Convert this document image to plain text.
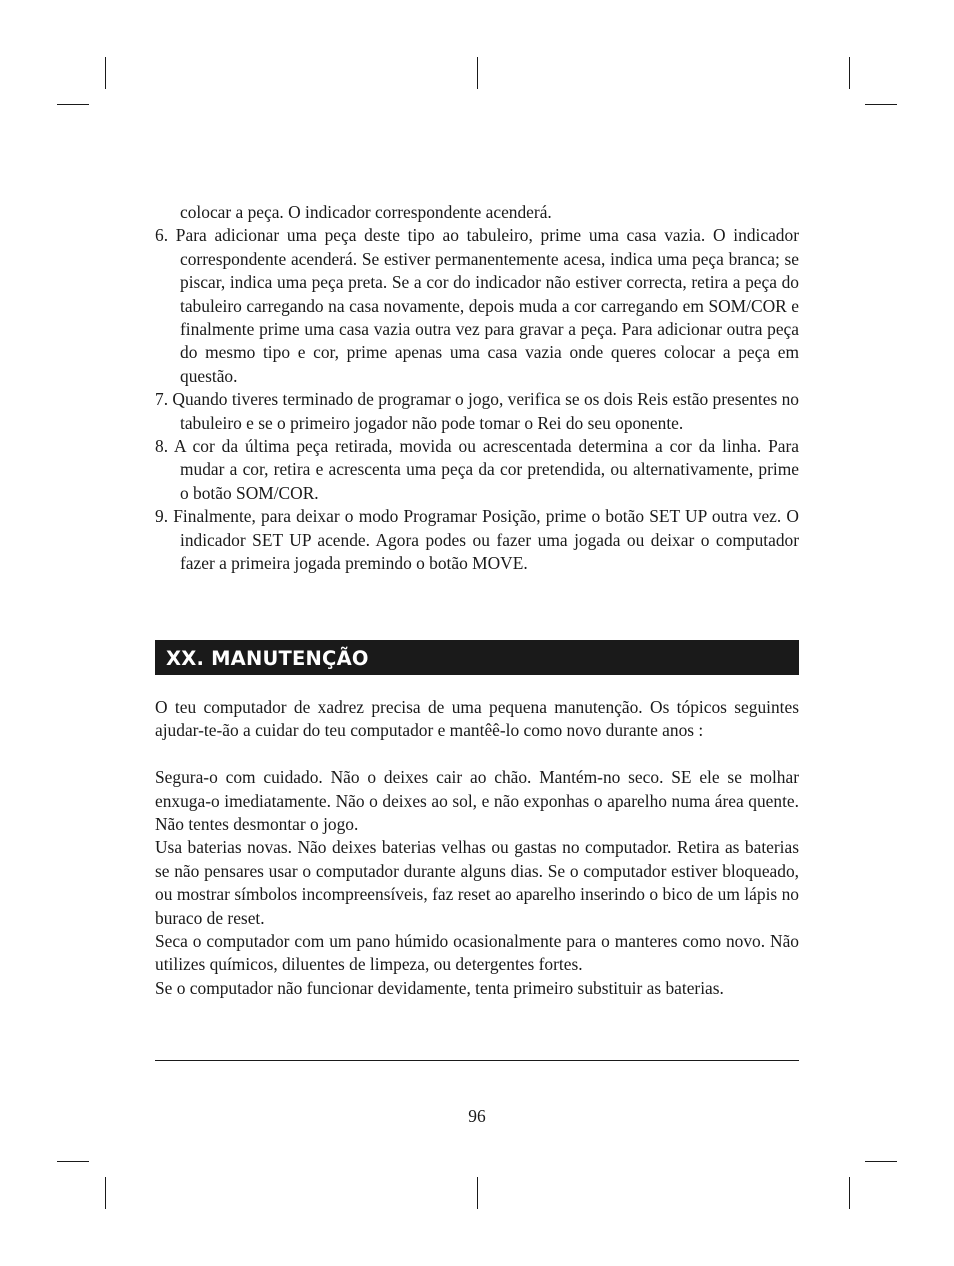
colocar a peça. O indicador correspondente acenderá.
6. Para adicionar uma peça deste tipo ao tabuleiro, prime uma casa vazia. O indicador correspondente acenderá. Se estiver permanentemente acesa, indica uma peça branca; se piscar, indica uma peça preta. Se a cor do indicador não estiver correcta, retira a peça do tabuleiro carregando na casa novamente, depois muda a cor carregando em SOM/COR e finalmente prime uma casa vazia outra vez para gravar a peça. Para adicionar outra peça do mesmo tipo e cor, prime apenas uma casa vazia onde queres colocar a peça em questão.
7. Quando tiveres terminado de programar o jogo, verifica se os dois Reis estão presentes no tabuleiro e se o primeiro jogador não pode tomar o Rei do seu oponente.
8. A cor da última peça retirada, movida ou acrescentada determina a cor da linha. Para mudar a cor, retira e acrescenta uma peça da cor pretendida, ou alternativamente, prime o botão SOM/COR.
9. Finalmente, para deixar o modo Programar Posição, prime o botão SET UP outra vez. O indicador SET UP acende. Agora podes ou fazer uma jogada ou deixar o computador fazer a primeira jogada premindo o botão MOVE.
XX. MANUTENÇÃO

O teu computador de xadrez precisa de uma pequena manutenção. Os tópicos seguintes ajudar-te-ão a cuidar do teu computador e mantêê-lo como novo durante anos :

Segura-o com cuidado. Não o deixes cair ao chão. Mantém-no seco. SE ele se molhar enxuga-o imediatamente. Não o deixes ao sol, e não exponhas o aparelho numa área quente. Não tentes desmontar o jogo.

Usa baterias novas. Não deixes baterias velhas ou gastas no computador. Retira as baterias se não pensares usar o computador durante alguns dias. Se o computador estiver bloqueado, ou mostrar símbolos incompreensíveis, faz reset ao aparelho inserindo o bico de um lápis no buraco de reset.

Seca o computador com um pano húmido ocasionalmente para o manteres como novo. Não utilizes químicos, diluentes de limpeza, ou detergentes fortes.

Se o computador não funcionar devidamente, tenta primeiro substituir as baterias.

96
